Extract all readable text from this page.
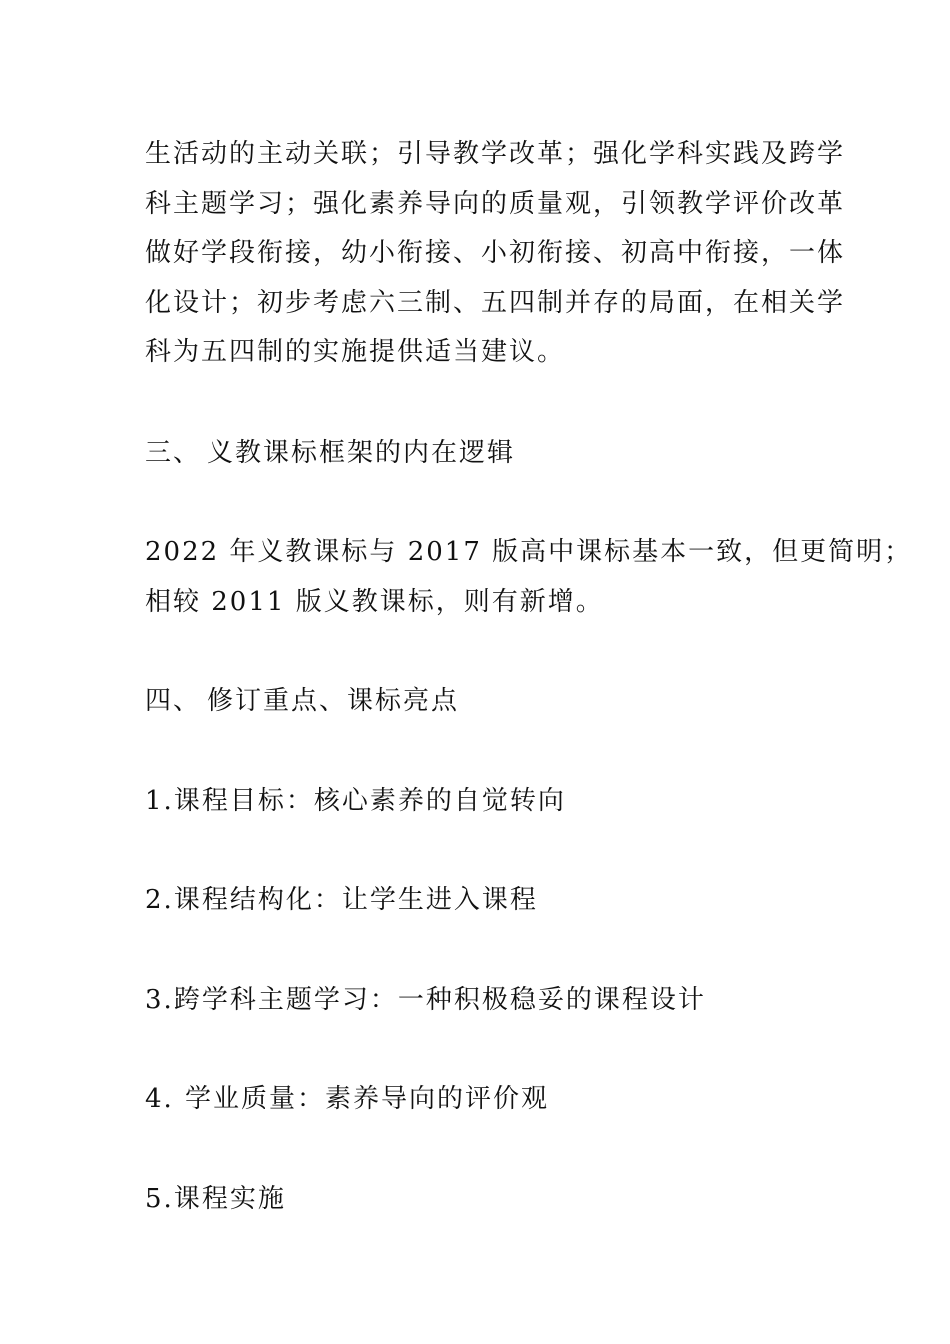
生活动的主动关联；引导教学改革；强化学科实践及跨学
科主题学习；强化素养导向的质量观，引领教学评价改革
做好学段衔接，幼小衔接、小初衔接、初高中衔接，一体
化设计；初步考虑六三制、五四制并存的局面，在相关学
科为五四制的实施提供适当建议。

三、 义教课标框架的内在逻辑

2022 年义教课标与 2017 版高中课标基本一致，但更简明；
相较 2011 版义教课标，则有新增。

四、 修订重点、课标亮点

1.课程目标：核心素养的自觉转向

2.课程结构化：让学生进入课程

3.跨学科主题学习：一种积极稳妥的课程设计

4. 学业质量：素养导向的评价观

5.课程实施
